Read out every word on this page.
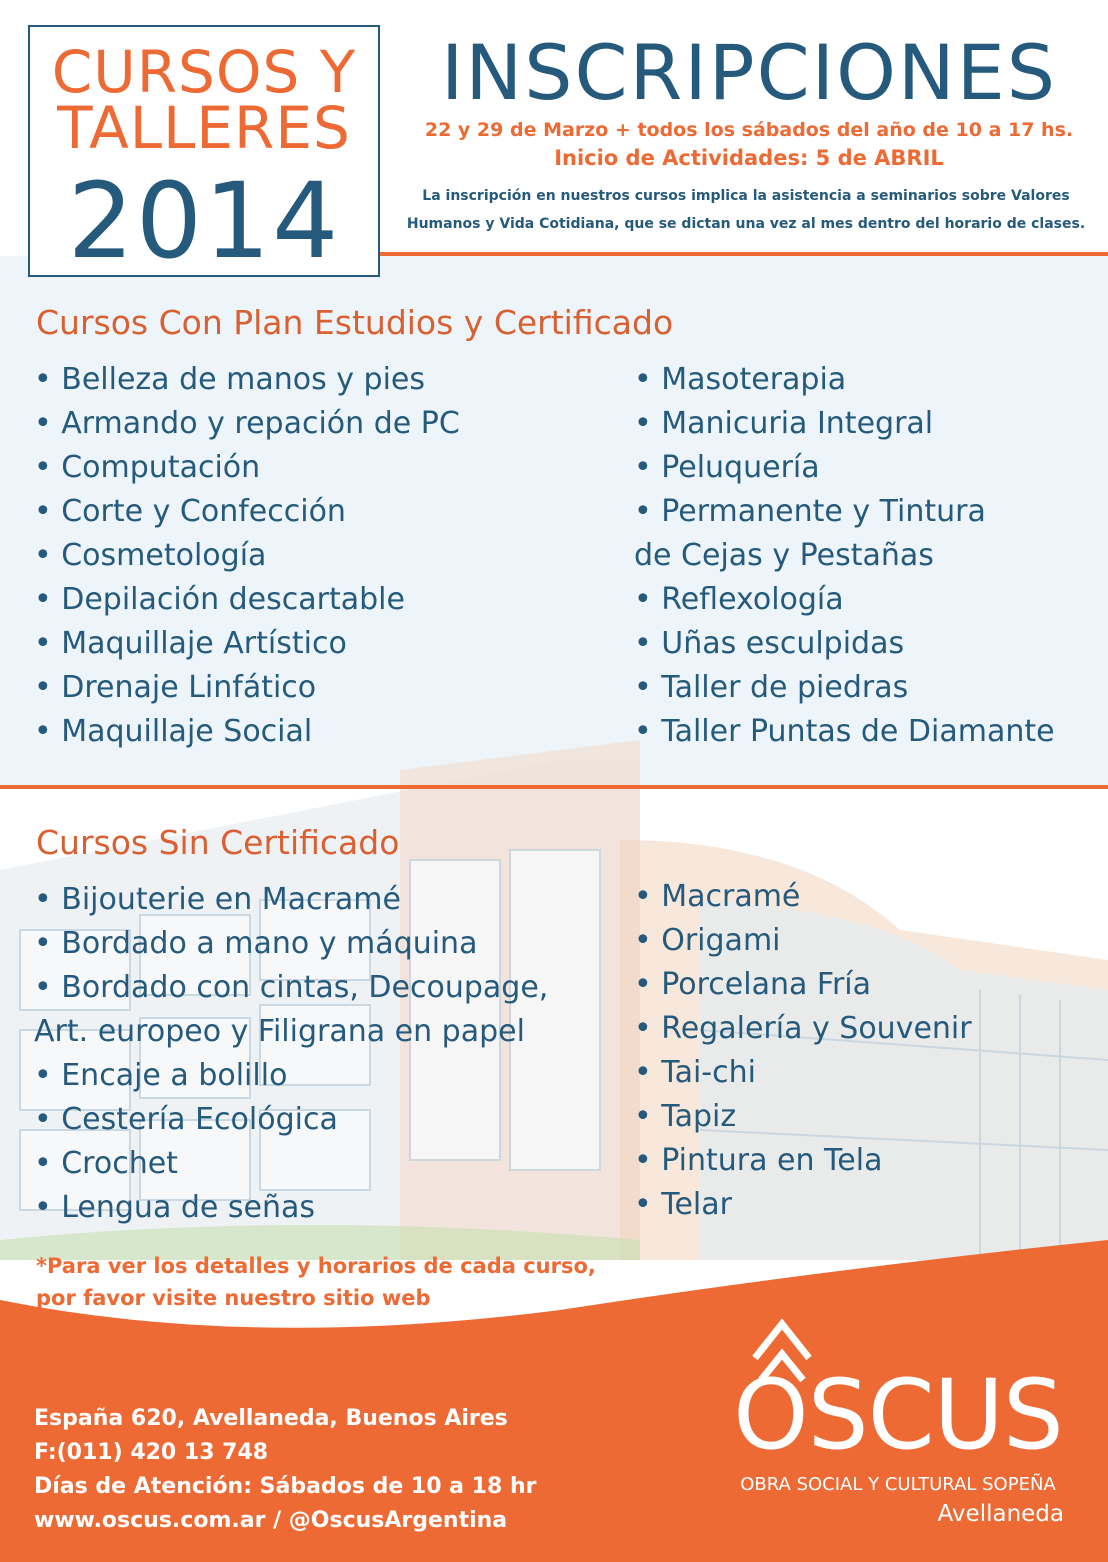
CURSOS Y
TALLERES
2014
INSCRIPCIONES
22 y 29 de Marzo + todos los sábados del año de 10 a 17 hs.
Inicio de Actividades: 5 de ABRIL
La inscripción en nuestros cursos implica la asistencia a seminarios sobre Valores
Humanos y Vida Cotidiana, que se dictan una vez al mes dentro del horario de clases.
Cursos Con Plan Estudios y Certificado
• Belleza de manos y pies
• Armando y repación de PC
• Computación
• Corte y Confección
• Cosmetología
• Depilación descartable
• Maquillaje Artístico
• Drenaje Linfático
• Maquillaje Social
• Masoterapia
• Manicuria Integral
• Peluquería
• Permanente y Tintura
de Cejas y Pestañas
• Reflexología
• Uñas esculpidas
• Taller de piedras
• Taller Puntas de Diamante
Cursos Sin Certificado
• Bijouterie en Macramé
• Bordado a mano y máquina
• Bordado con cintas, Decoupage,
Art. europeo y Filigrana en papel
• Encaje a bolillo
• Cestería Ecológica
• Crochet
• Lengua de señas
• Macramé
• Origami
• Porcelana Fría
• Regalería y Souvenir
• Tai-chi
• Tapiz
• Pintura en Tela
• Telar
*Para ver los detalles y horarios de cada curso,
por favor visite nuestro sitio web
España 620, Avellaneda, Buenos Aires
F:(011) 420 13 748
Días de Atención: Sábados de 10 a 18 hr
www.oscus.com.ar / @OscusArgentina
OSCUS
OBRA SOCIAL Y CULTURAL SOPEÑA
Avellaneda
